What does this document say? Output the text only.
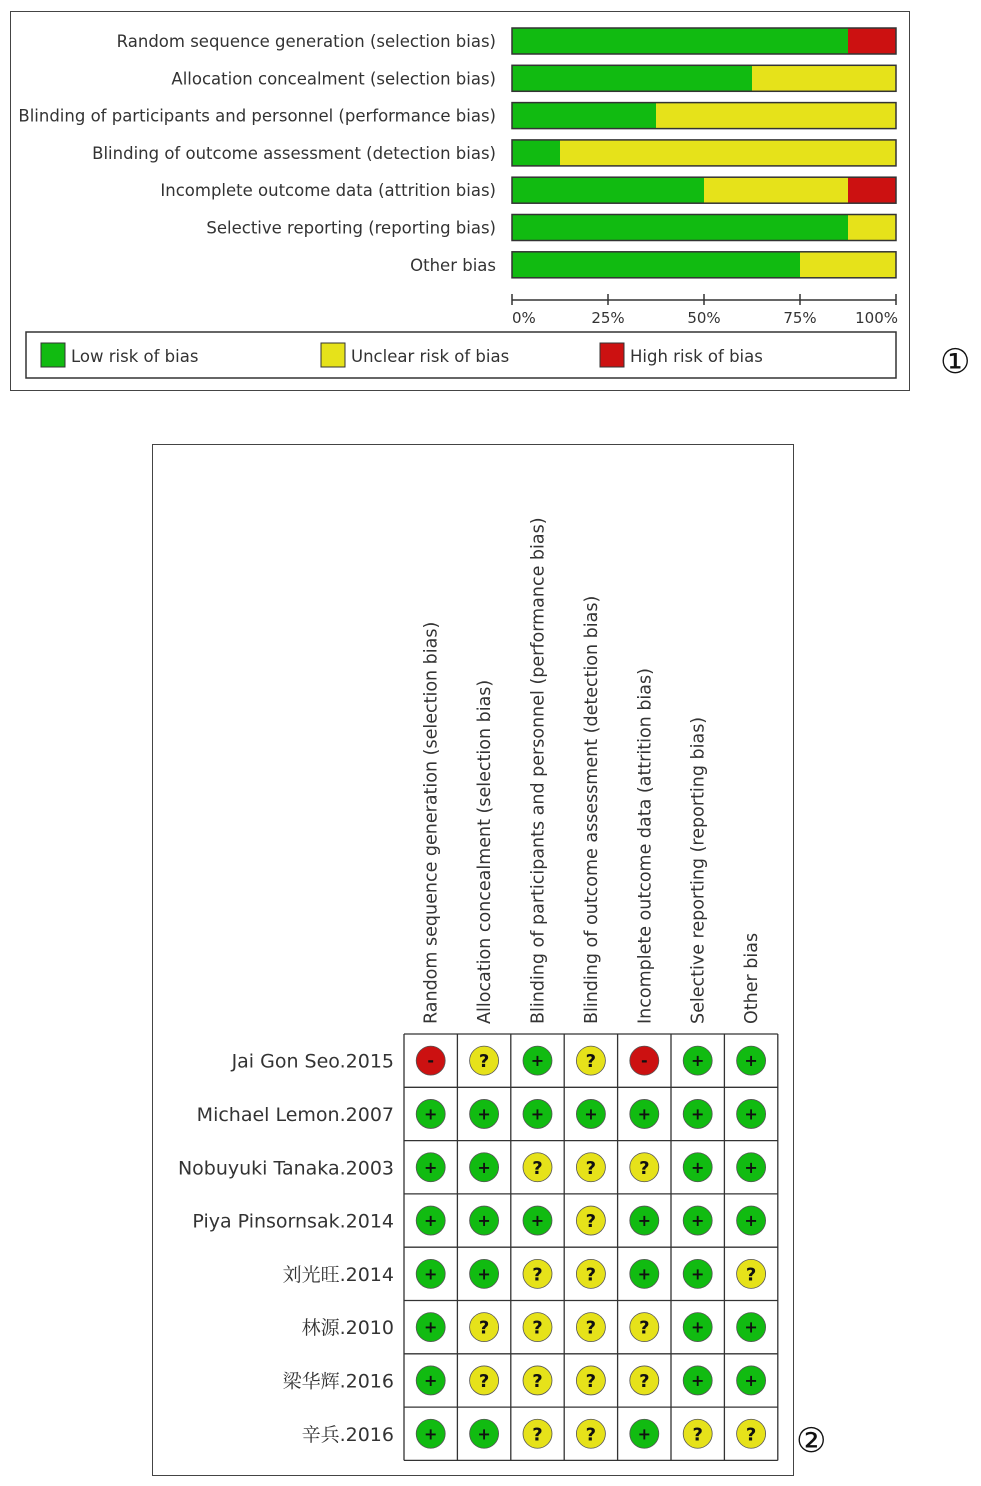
Random sequence generation (selection bias)
Allocation concealment (selection bias)
Blinding of participants and personnel (performance bias)
Blinding of outcome assessment (detection bias)
Incomplete outcome data (attrition bias)
Selective reporting (reporting bias)
Other bias
0%	25%	50%	75%	100%
Low risk of bias	Unclear risk of bias	High risk of bias	①
Random sequence generation (selection bias) Allocation concealment (selection bias) Blinding of participants and personnel (performance bias) Blinding of outcome assessment (detection bias) Incomplete outcome data (attrition bias) Selective reporting (reporting bias) Other bias
Jai Gon Seo.2015 - ?	+ ?	-	+ +
Michael Lemon.2007 + + + + + + +
Nobuyuki Tanaka.2003 + + ? ? ?	+ +
Piya Pinsornsak.2014 + + + ?	+ + +
刘光旺.2014 + + ? ?	+ + ?
林源.2010 + ? ? ? ?	+ +
梁华辉.2016 + ? ? ? ?	+ +
辛兵.2016 + + ? ?	+ ? ? ②
